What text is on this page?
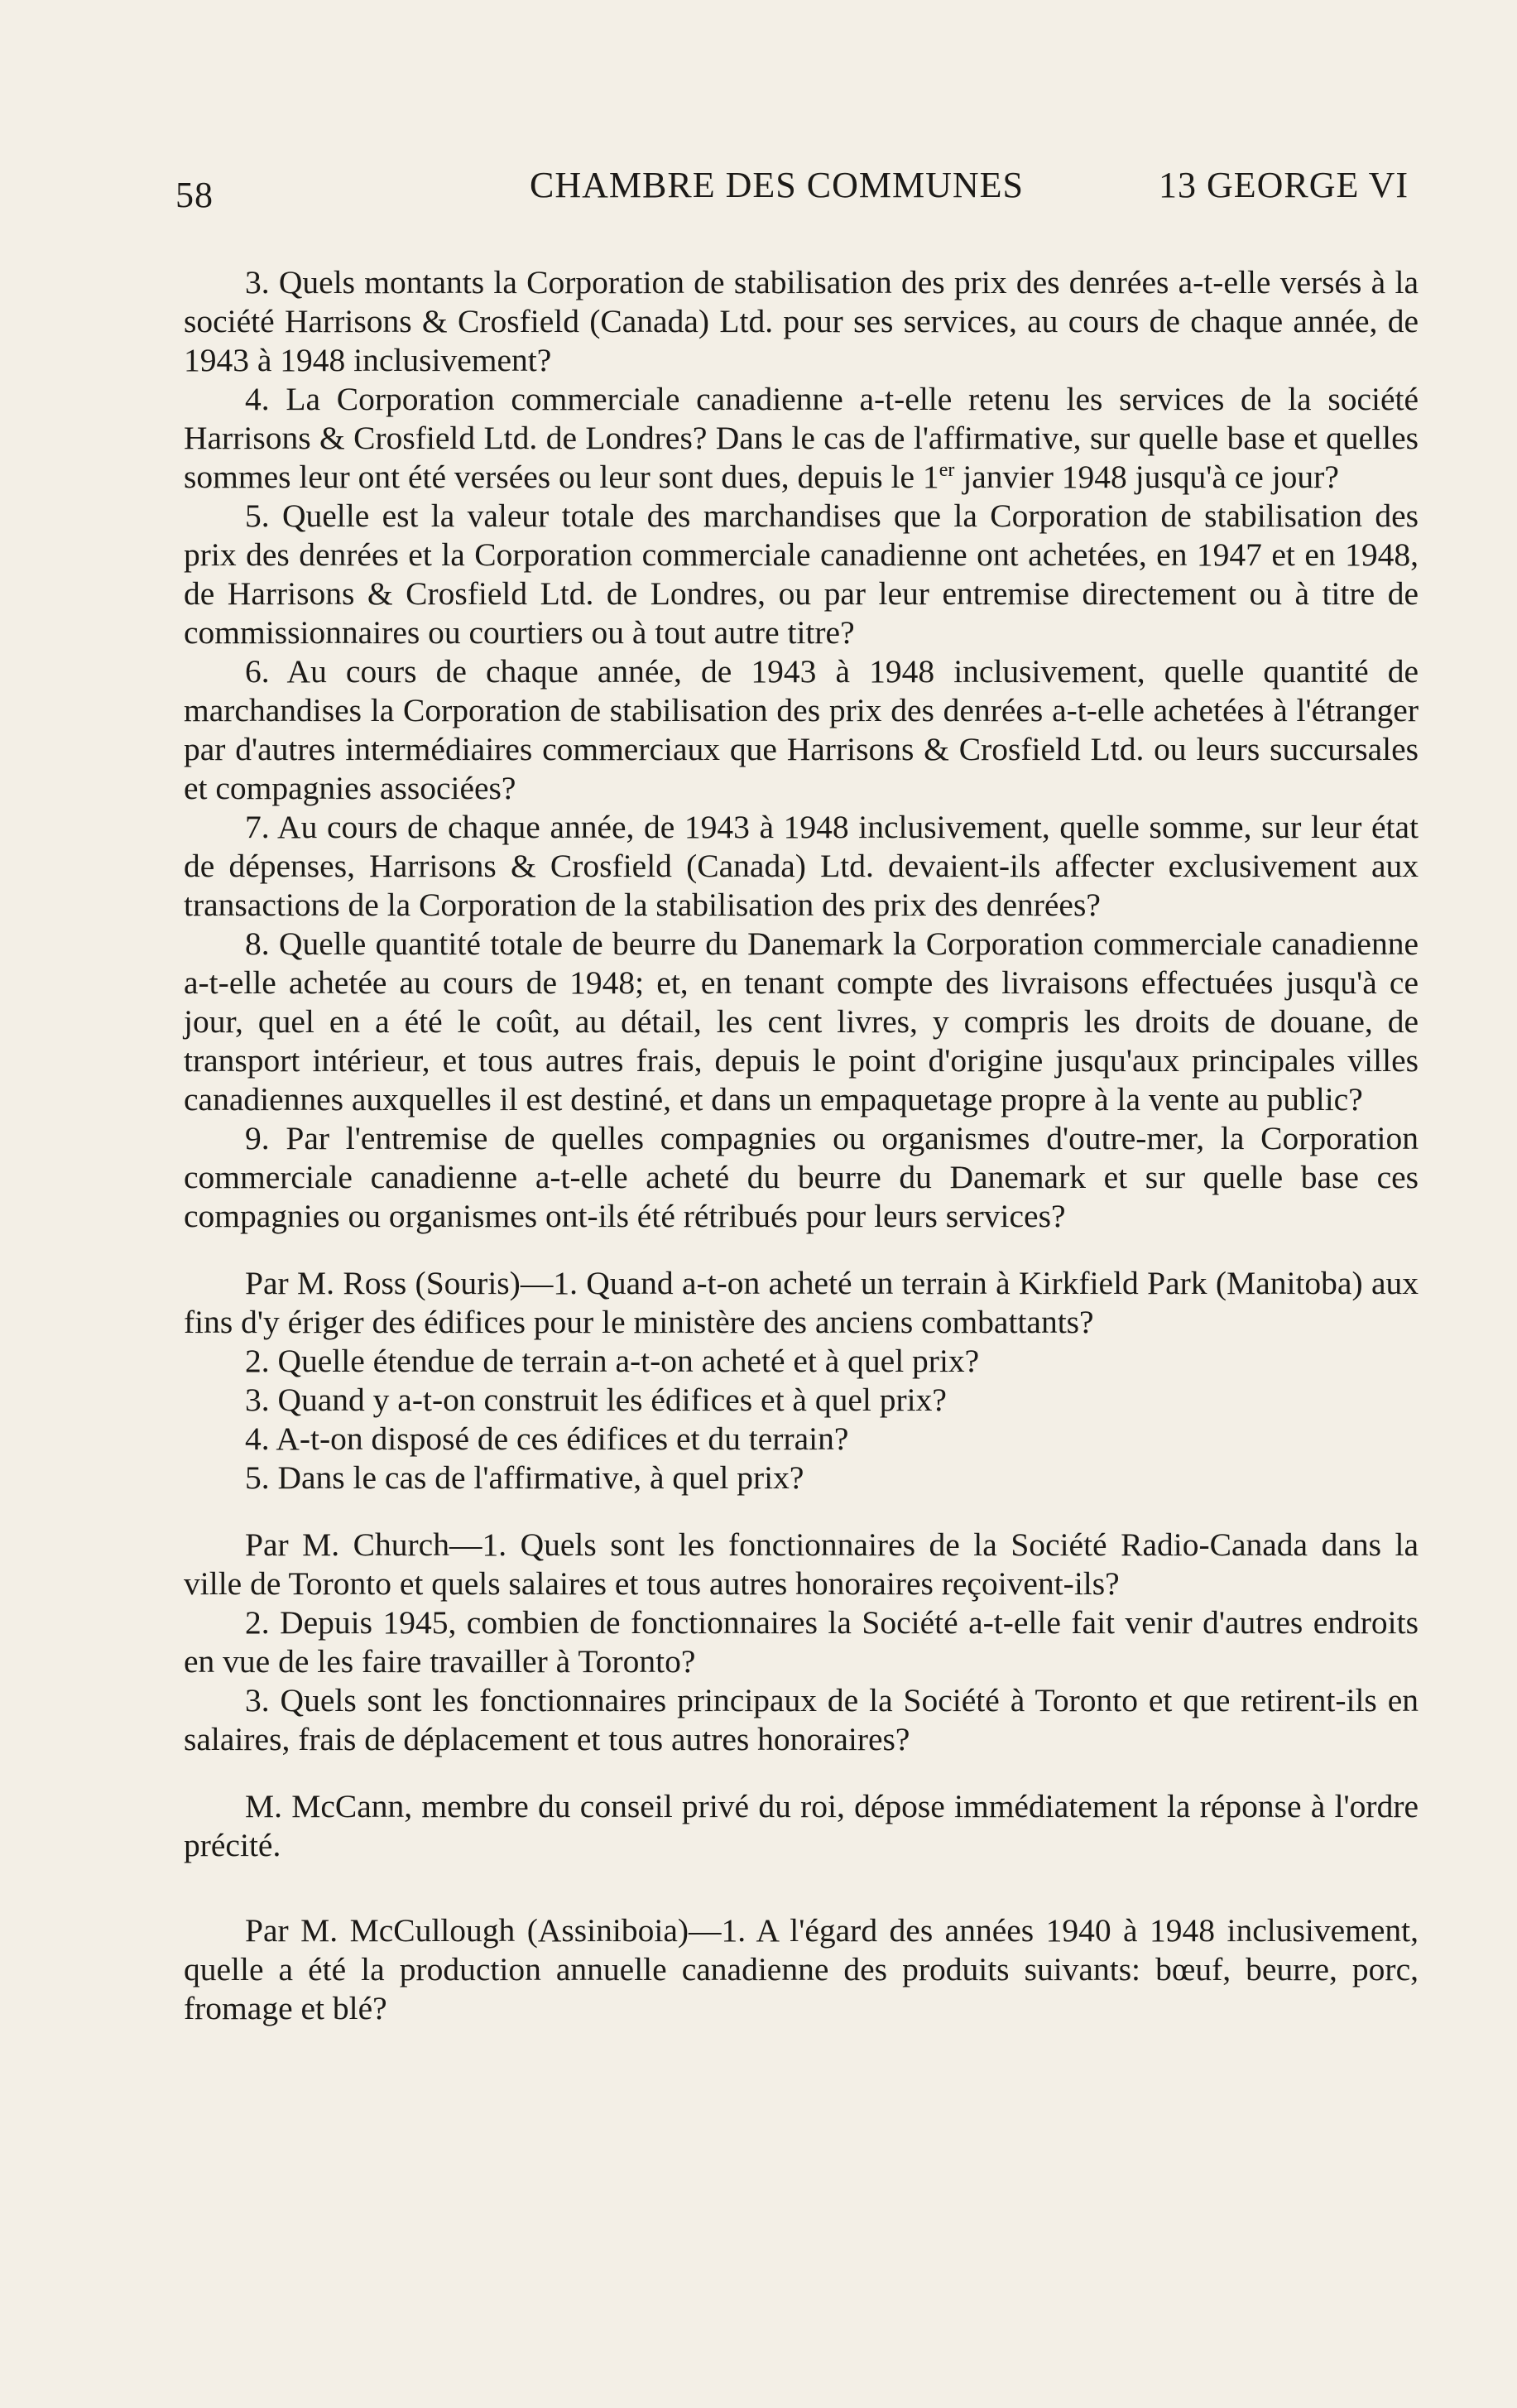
58	CHAMBRE DES COMMUNES	13 GEORGE VI

3. Quels montants la Corporation de stabilisation des prix des denrées a-t-elle versés à la société Harrisons & Crosfield (Canada) Ltd. pour ses services, au cours de chaque année, de 1943 à 1948 inclusivement?

4. La Corporation commerciale canadienne a-t-elle retenu les services de la société Harrisons & Crosfield Ltd. de Londres? Dans le cas de l'affirmative, sur quelle base et quelles sommes leur ont été versées ou leur sont dues, depuis le 1er janvier 1948 jusqu'à ce jour?

5. Quelle est la valeur totale des marchandises que la Corporation de stabilisation des prix des denrées et la Corporation commerciale canadienne ont achetées, en 1947 et en 1948, de Harrisons & Crosfield Ltd. de Londres, ou par leur entremise directement ou à titre de commissionnaires ou courtiers ou à tout autre titre?

6. Au cours de chaque année, de 1943 à 1948 inclusivement, quelle quantité de marchandises la Corporation de stabilisation des prix des denrées a-t-elle achetées à l'étranger par d'autres intermédiaires commerciaux que Harrisons & Crosfield Ltd. ou leurs succursales et compagnies associées?

7. Au cours de chaque année, de 1943 à 1948 inclusivement, quelle somme, sur leur état de dépenses, Harrisons & Crosfield (Canada) Ltd. devaient-ils affecter exclusivement aux transactions de la Corporation de la stabilisation des prix des denrées?

8. Quelle quantité totale de beurre du Danemark la Corporation commerciale canadienne a-t-elle achetée au cours de 1948; et, en tenant compte des livraisons effectuées jusqu'à ce jour, quel en a été le coût, au détail, les cent livres, y compris les droits de douane, de transport intérieur, et tous autres frais, depuis le point d'origine jusqu'aux principales villes canadiennes auxquelles il est destiné, et dans un empaquetage propre à la vente au public?

9. Par l'entremise de quelles compagnies ou organismes d'outre-mer, la Corporation commerciale canadienne a-t-elle acheté du beurre du Danemark et sur quelle base ces compagnies ou organismes ont-ils été rétribués pour leurs services?

Par M. Ross (Souris)—1. Quand a-t-on acheté un terrain à Kirkfield Park (Manitoba) aux fins d'y ériger des édifices pour le ministère des anciens combattants?

2. Quelle étendue de terrain a-t-on acheté et à quel prix?

3. Quand y a-t-on construit les édifices et à quel prix?

4. A-t-on disposé de ces édifices et du terrain?

5. Dans le cas de l'affirmative, à quel prix?

Par M. Church—1. Quels sont les fonctionnaires de la Société Radio-Canada dans la ville de Toronto et quels salaires et tous autres honoraires reçoivent-ils?

2. Depuis 1945, combien de fonctionnaires la Société a-t-elle fait venir d'autres endroits en vue de les faire travailler à Toronto?

3. Quels sont les fonctionnaires principaux de la Société à Toronto et que retirent-ils en salaires, frais de déplacement et tous autres honoraires?

M. McCann, membre du conseil privé du roi, dépose immédiatement la réponse à l'ordre précité.

Par M. McCullough (Assiniboia)—1. A l'égard des années 1940 à 1948 inclusivement, quelle a été la production annuelle canadienne des produits suivants: bœuf, beurre, porc, fromage et blé?
